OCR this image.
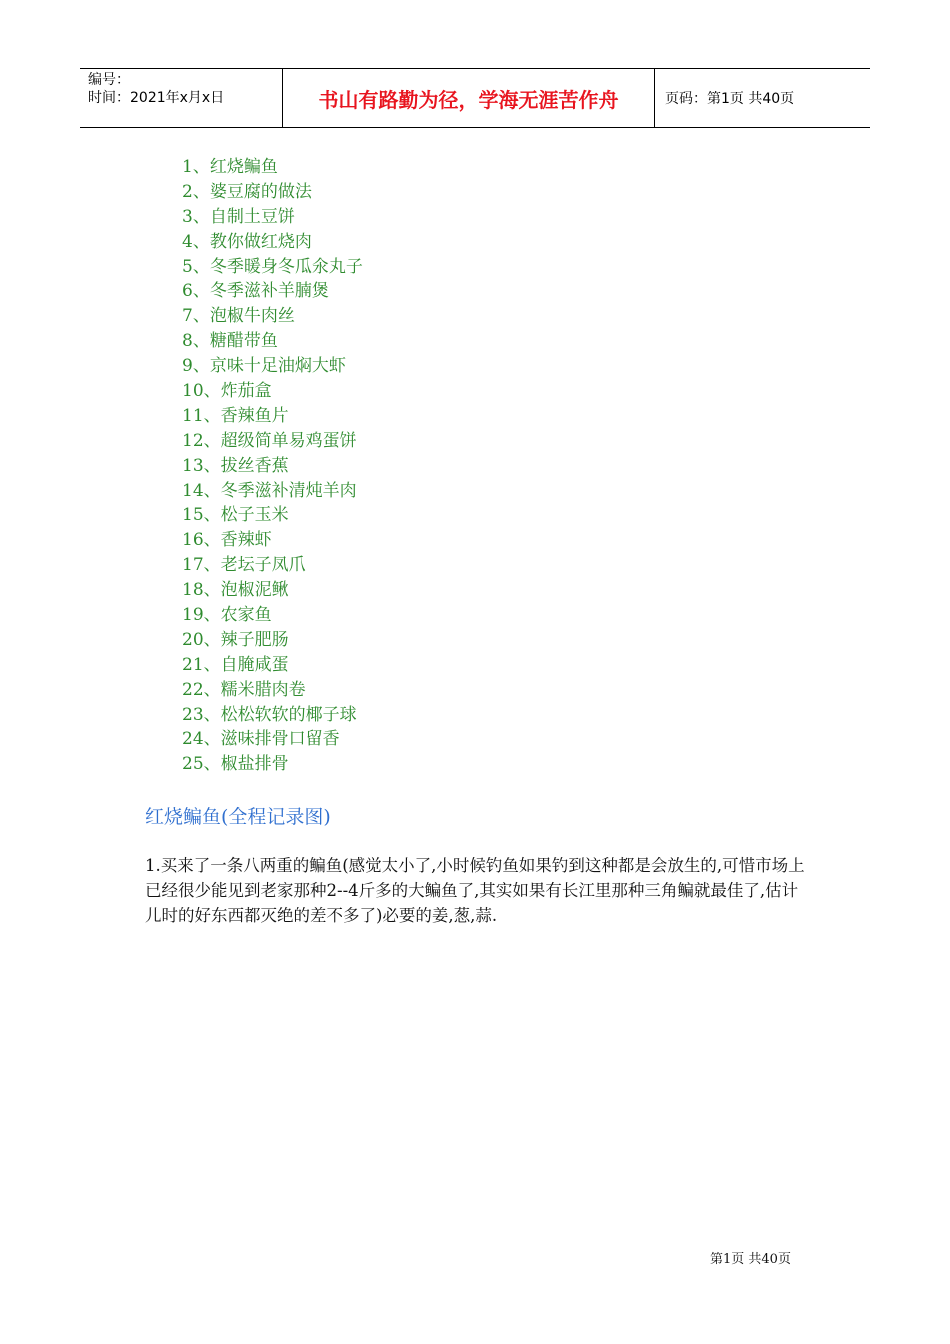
编号：
时间：2021年x月x日	书山有路勤为径，学海无涯苦作舟	页码：第1页 共40页
1、红烧鳊鱼
2、婆豆腐的做法
3、自制土豆饼
4、教你做红烧肉
5、冬季暖身冬瓜氽丸子
6、冬季滋补羊腩煲
7、泡椒牛肉丝
8、糖醋带鱼
9、京味十足油焖大虾
10、炸茄盒
11、香辣鱼片
12、超级简单易鸡蛋饼
13、拔丝香蕉
14、冬季滋补清炖羊肉
15、松子玉米
16、香辣虾
17、老坛子凤爪
18、泡椒泥鳅
19、农家鱼
20、辣子肥肠
21、自腌咸蛋
22、糯米腊肉卷
23、松松软软的椰子球
24、滋味排骨口留香
25、椒盐排骨
红烧鳊鱼(全程记录图)
1.买来了一条八两重的鳊鱼(感觉太小了,小时候钓鱼如果钓到这种都是会放生的,可惜市场上已经很少能见到老家那种2--4斤多的大鳊鱼了,其实如果有长江里那种三角鳊就最佳了,估计儿时的好东西都灭绝的差不多了)必要的姜,葱,蒜.
第1页 共40页
